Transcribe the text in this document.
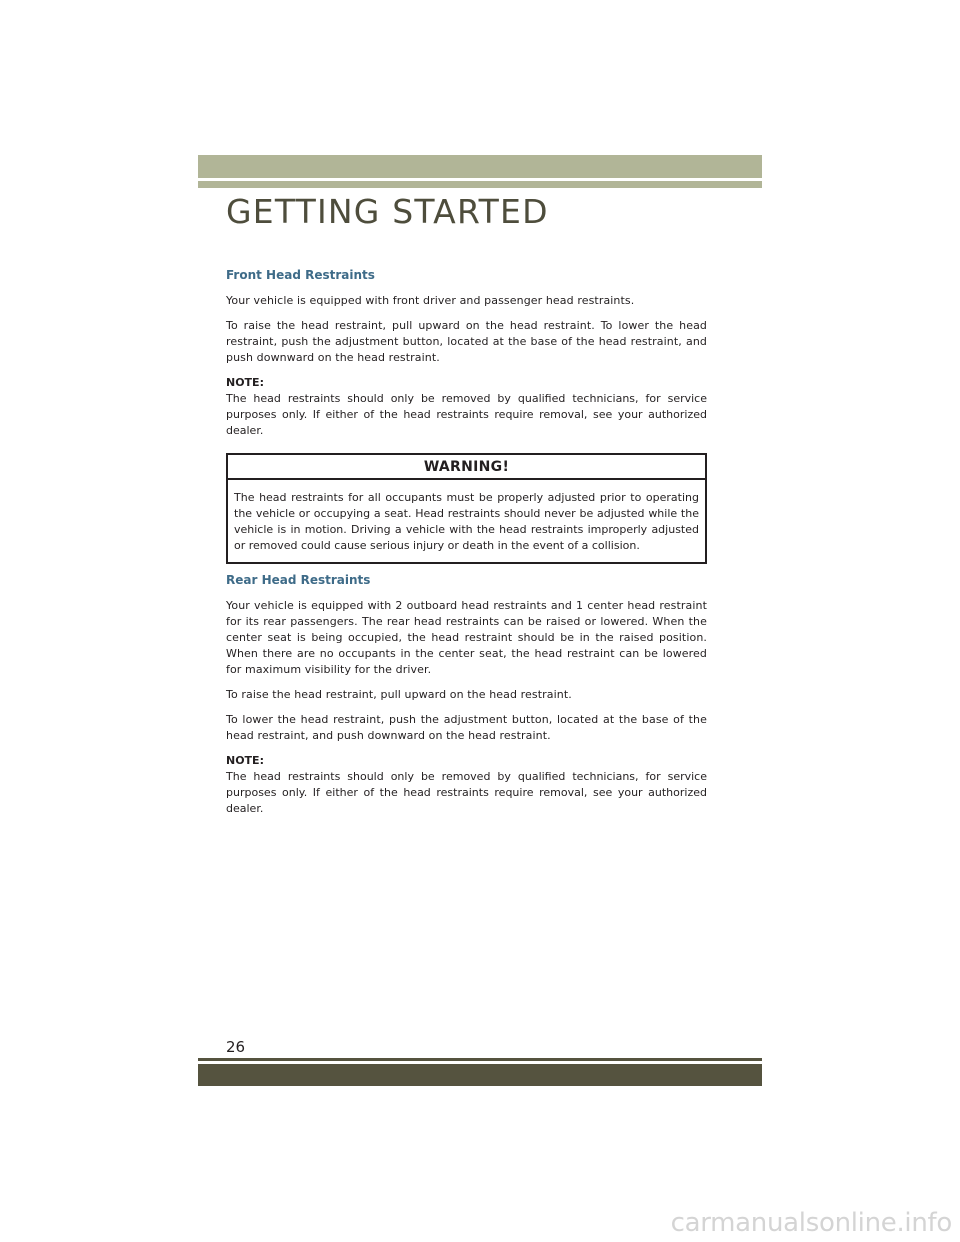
GETTING STARTED
Front Head Restraints

Your vehicle is equipped with front driver and passenger head restraints.

To raise the head restraint, pull upward on the head restraint. To lower the head restraint, push the adjustment button, located at the base of the head restraint, and push downward on the head restraint.

NOTE:

The head restraints should only be removed by qualified technicians, for service purposes only. If either of the head restraints require removal, see your authorized dealer.

WARNING!

The head restraints for all occupants must be properly adjusted prior to operating the vehicle or occupying a seat. Head restraints should never be adjusted while the vehicle is in motion. Driving a vehicle with the head restraints improperly adjusted or removed could cause serious injury or death in the event of a collision.

Rear Head Restraints

Your vehicle is equipped with 2 outboard head restraints and 1 center head restraint for its rear passengers. The rear head restraints can be raised or lowered. When the center seat is being occupied, the head restraint should be in the raised position. When there are no occupants in the center seat, the head restraint can be lowered for maximum visibility for the driver.

To raise the head restraint, pull upward on the head restraint.

To lower the head restraint, push the adjustment button, located at the base of the head restraint, and push downward on the head restraint.

NOTE:

The head restraints should only be removed by qualified technicians, for service purposes only. If either of the head restraints require removal, see your authorized dealer.

26
carmanualsonline.info
